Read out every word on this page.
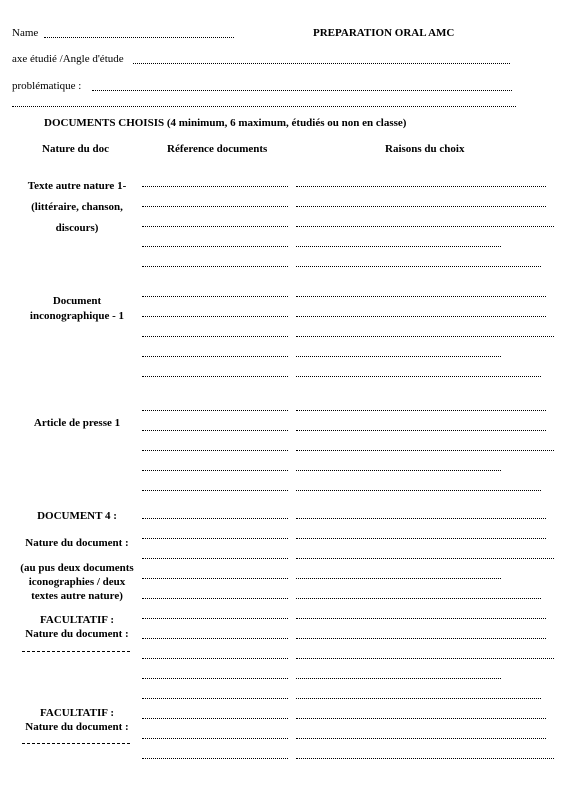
Name	PREPARATION ORAL AMC
axe étudié /Angle d'étude
problématique :
DOCUMENTS CHOISIS (4 minimum, 6 maximum, étudiés ou non en classe)
Nature du doc	Réference documents	Raisons du choix
Texte autre nature 1-
(littéraire, chanson,
discours)
Document
inconographique - 1
Article de presse 1
DOCUMENT 4 :
Nature du document :
(au pus deux documents
iconographies / deux
textes autre nature)
FACULTATIF :
Nature du document :
FACULTATIF :
Nature du document :
